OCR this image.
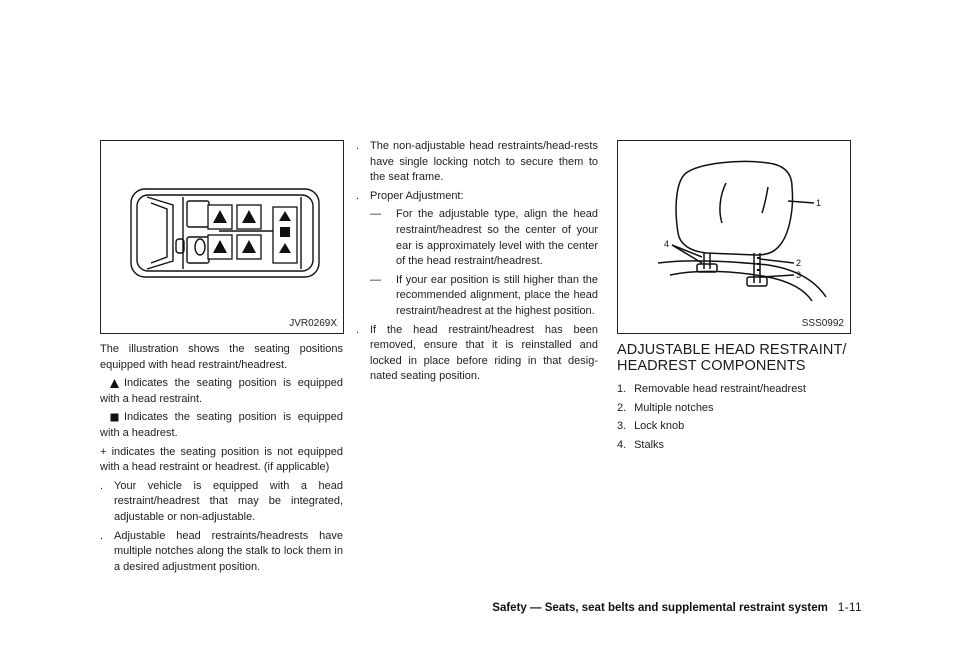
JVR0269X

The illustration shows the seating positions equipped with head restraint/headrest.

Indicates the seating position is equipped with a head restraint.
Indicates the seating position is equipped with a headrest.

+ indicates the seating position is not equipped with a head restraint or headrest. (if applicable)

. Your vehicle is equipped with a head restraint/headrest that may be integrated, adjustable or non-adjustable.
. Adjustable head restraints/headrests have multiple notches along the stalk to lock them in a desired adjustment position.
. The non-adjustable head restraints/head-rests have single locking notch to secure them to the seat frame.
. Proper Adjustment:
— For the adjustable type, align the head restraint/headrest so the center of your ear is approximately level with the center of the head restraint/headrest.
— If your ear position is still higher than the recommended alignment, place the head restraint/headrest at the highest position.
. If the head restraint/headrest has been removed, ensure that it is reinstalled and locked in place before riding in that desig-nated seating position.
1
2
3
4
SSS0992
ADJUSTABLE HEAD RESTRAINT/
HEADREST COMPONENTS
1. Removable head restraint/headrest
2. Multiple notches
3. Lock knob
4. Stalks
Safety — Seats, seat belts and supplemental restraint system 1-11
